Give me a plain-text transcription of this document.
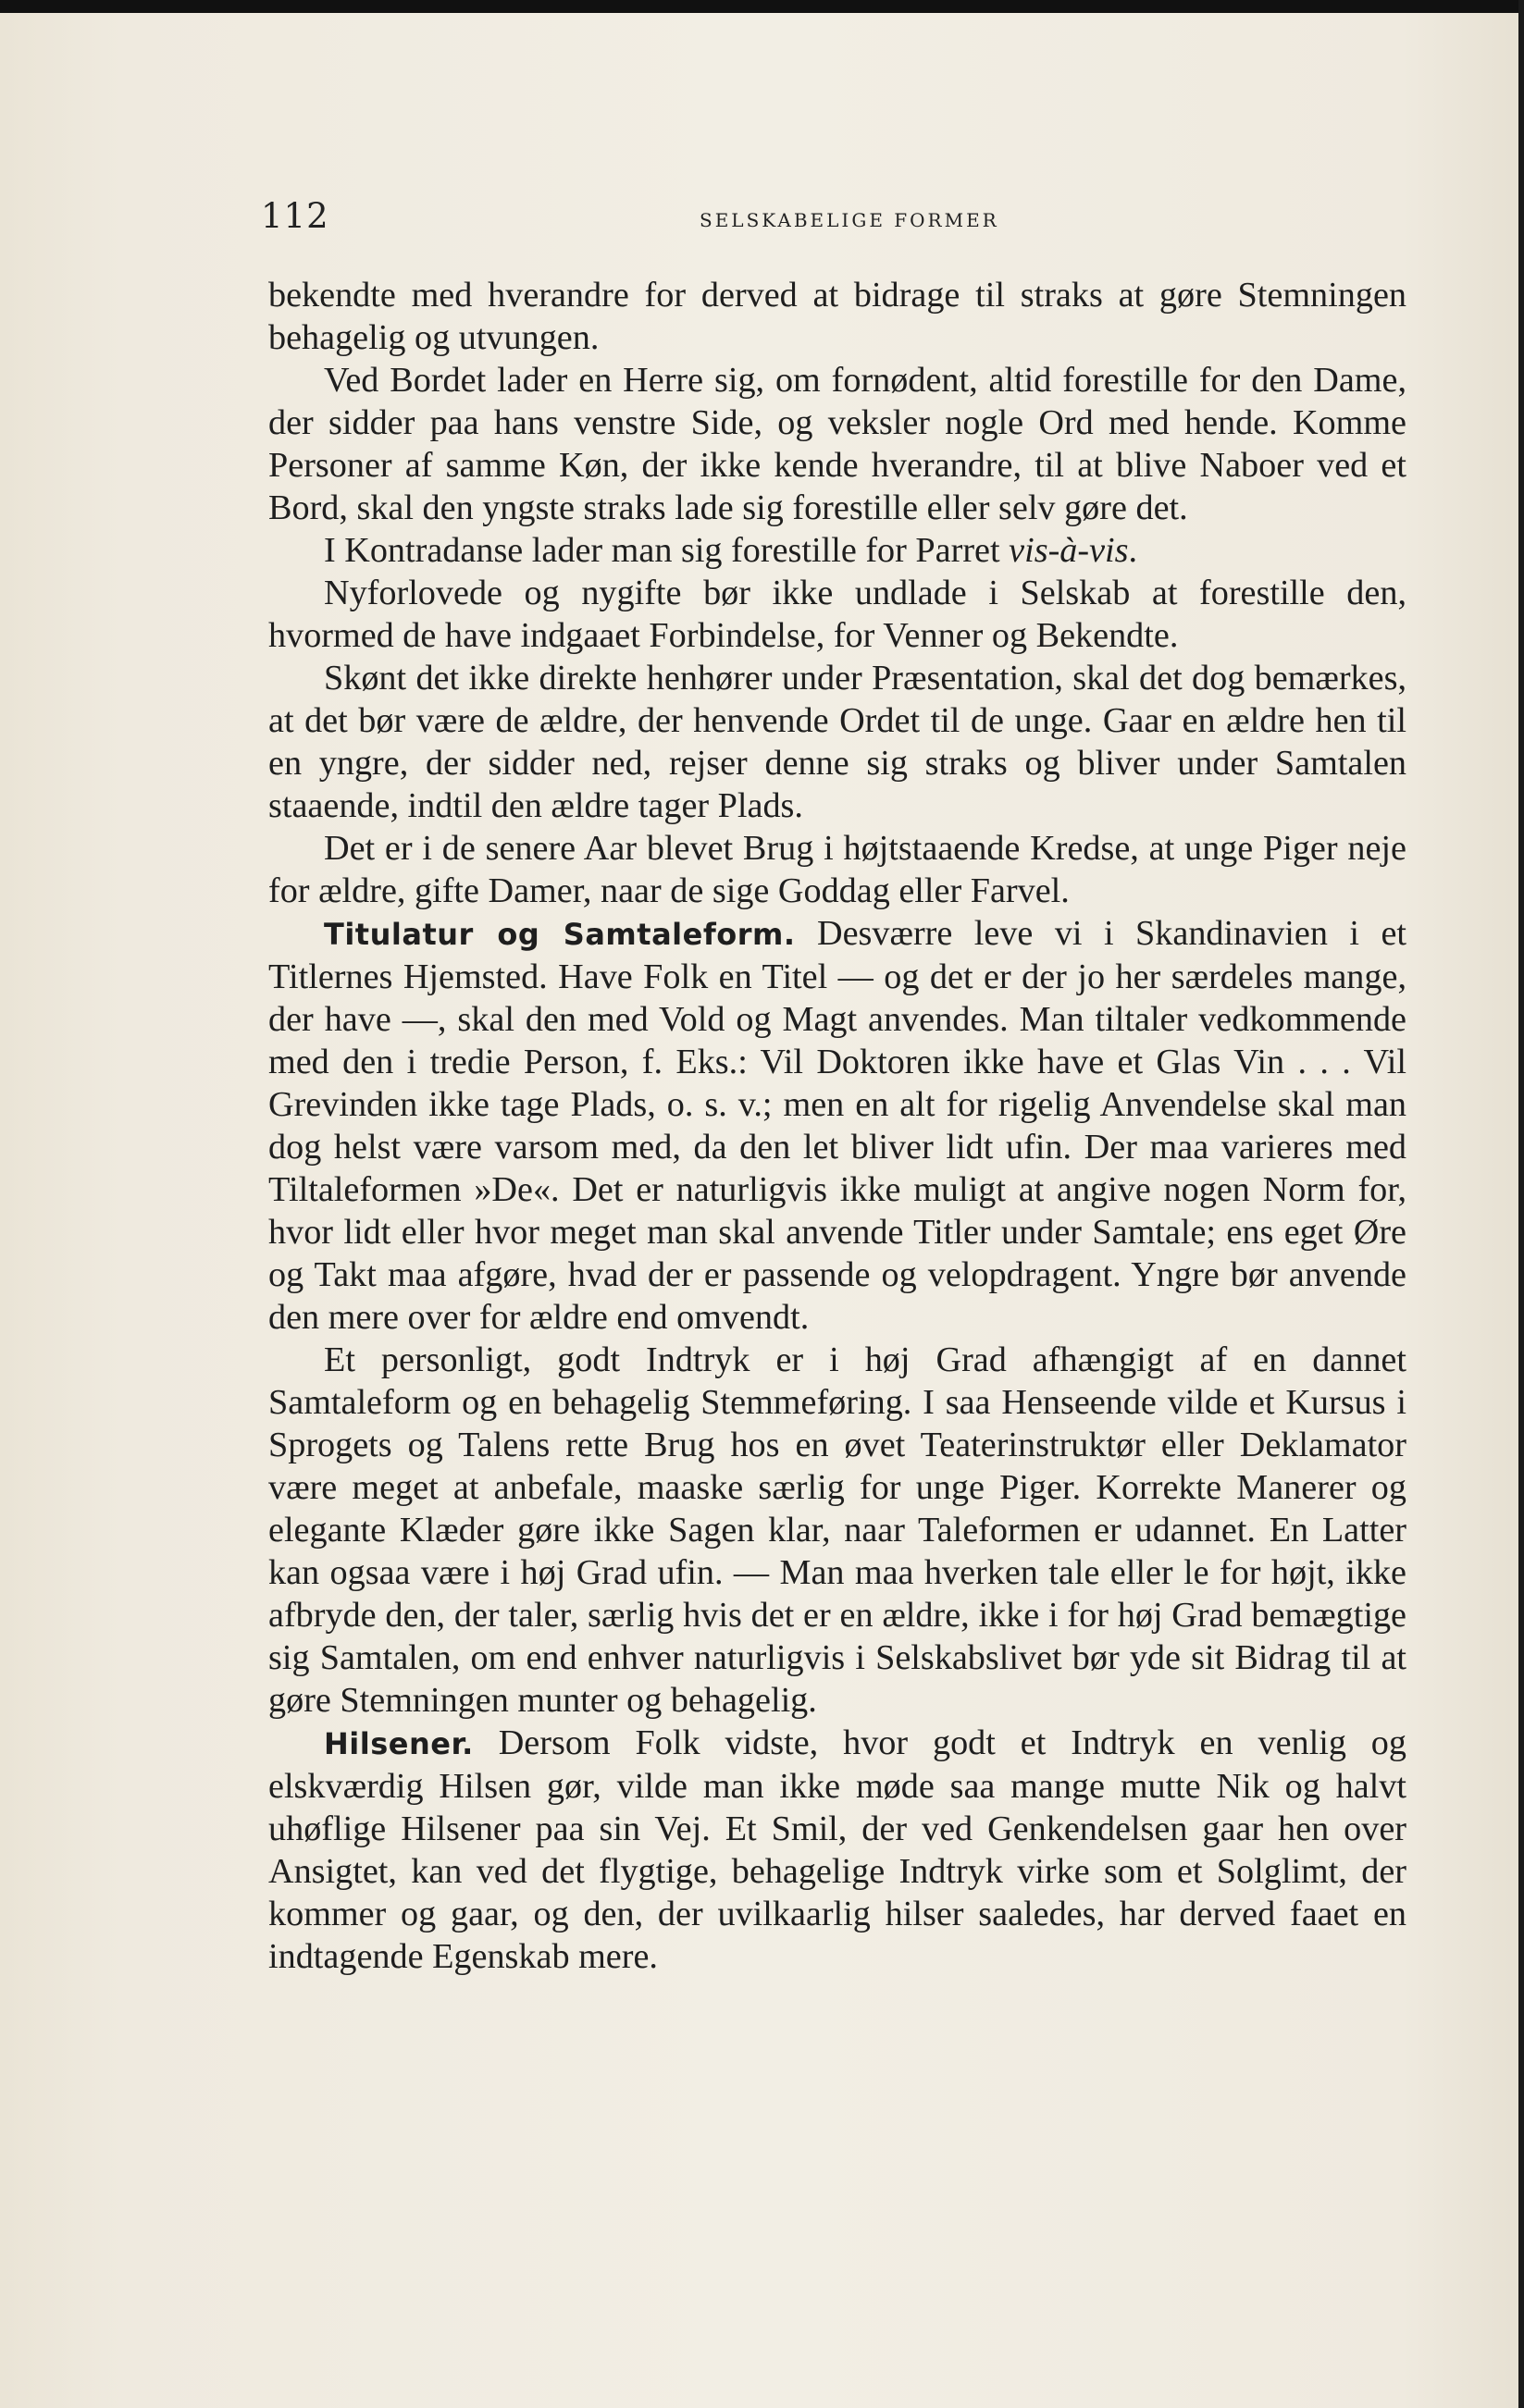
112	SELSKABELIGE FORMER

bekendte med hverandre for derved at bidrage til straks at gøre Stemningen behagelig og utvungen.

Ved Bordet lader en Herre sig, om fornødent, altid forestille for den Dame, der sidder paa hans venstre Side, og veksler nogle Ord med hende. Komme Personer af samme Køn, der ikke kende hverandre, til at blive Naboer ved et Bord, skal den yngste straks lade sig forestille eller selv gøre det.

I Kontradanse lader man sig forestille for Parret vis-à-vis.

Nyforlovede og nygifte bør ikke undlade i Selskab at forestille den, hvormed de have indgaaet Forbindelse, for Venner og Bekendte.

Skønt det ikke direkte henhører under Præsentation, skal det dog bemærkes, at det bør være de ældre, der henvende Ordet til de unge. Gaar en ældre hen til en yngre, der sidder ned, rejser denne sig straks og bliver under Samtalen staaende, indtil den ældre tager Plads.

Det er i de senere Aar blevet Brug i højtstaaende Kredse, at unge Piger neje for ældre, gifte Damer, naar de sige Goddag eller Farvel.

Titulatur og Samtaleform. Desværre leve vi i Skandinavien i et Titlernes Hjemsted. Have Folk en Titel — og det er der jo her særdeles mange, der have —, skal den med Vold og Magt anvendes. Man tiltaler vedkommende med den i tredie Person, f. Eks.: Vil Doktoren ikke have et Glas Vin . . . Vil Grevinden ikke tage Plads, o. s. v.; men en alt for rigelig Anvendelse skal man dog helst være varsom med, da den let bliver lidt ufin. Der maa varieres med Tiltaleformen »De«. Det er naturligvis ikke muligt at angive nogen Norm for, hvor lidt eller hvor meget man skal anvende Titler under Samtale; ens eget Øre og Takt maa afgøre, hvad der er passende og velopdragent. Yngre bør anvende den mere over for ældre end omvendt.

Et personligt, godt Indtryk er i høj Grad afhængigt af en dannet Samtaleform og en behagelig Stemmeføring. I saa Henseende vilde et Kursus i Sprogets og Talens rette Brug hos en øvet Teaterinstruktør eller Deklamator være meget at anbefale, maaske særlig for unge Piger. Korrekte Manerer og elegante Klæder gøre ikke Sagen klar, naar Taleformen er udannet. En Latter kan ogsaa være i høj Grad ufin. — Man maa hverken tale eller le for højt, ikke afbryde den, der taler, særlig hvis det er en ældre, ikke i for høj Grad bemægtige sig Samtalen, om end enhver naturligvis i Selskabslivet bør yde sit Bidrag til at gøre Stemningen munter og behagelig.

Hilsener. Dersom Folk vidste, hvor godt et Indtryk en venlig og elskværdig Hilsen gør, vilde man ikke møde saa mange mutte Nik og halvt uhøflige Hilsener paa sin Vej. Et Smil, der ved Genkendelsen gaar hen over Ansigtet, kan ved det flygtige, behagelige Indtryk virke som et Solglimt, der kommer og gaar, og den, der uvilkaarlig hilser saaledes, har derved faaet en indtagende Egenskab mere.
